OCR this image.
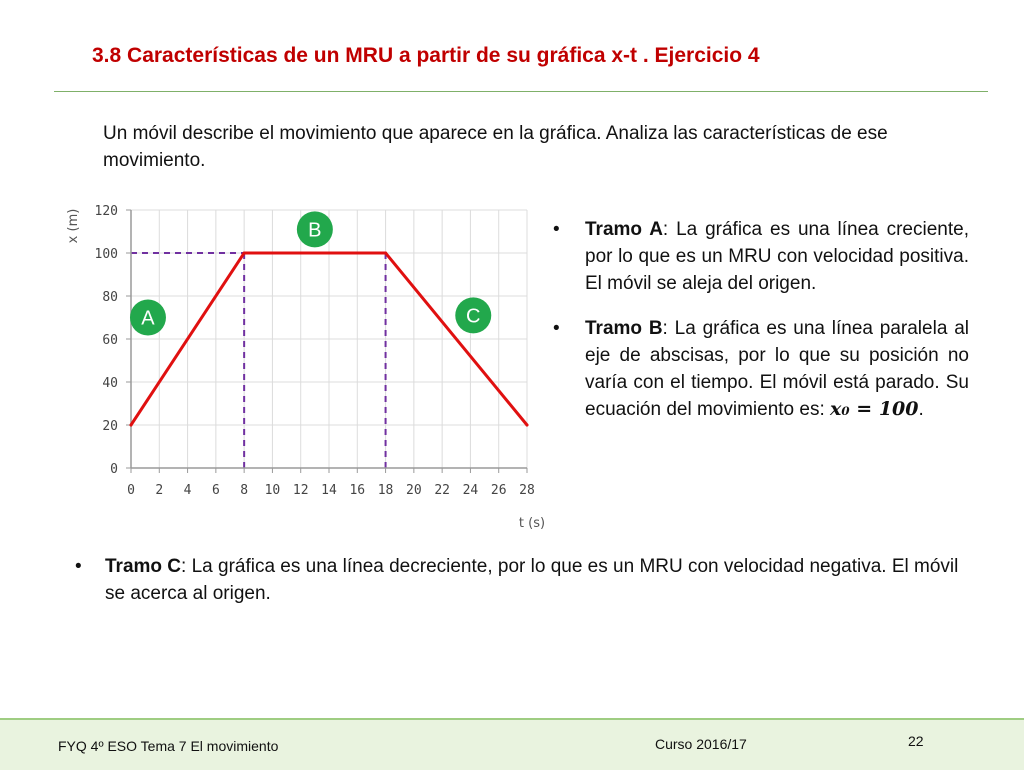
3.8 Características de un MRU a partir de su gráfica x-t . Ejercicio 4
Un móvil describe el movimiento que aparece en la gráfica. Analiza las características de ese movimiento.
0
20
40
60
80
100
120
0 2 4 6 8 10 12 14 16 18 20 22 24 26 28
A
B
C
x (m)
t (s)
• Tramo A: La gráfica es una línea creciente, por lo que es un MRU con velocidad positiva. El móvil se aleja del origen.
• Tramo B: La gráfica es una línea paralela al eje de abscisas, por lo que su posición no varía con el tiempo. El móvil está parado. Su ecuación del movimiento es: x₀ = 100.
• Tramo C: La gráfica es una línea decreciente, por lo que es un MRU con velocidad negativa. El móvil se acerca al origen.
FYQ 4º ESO Tema 7 El movimiento	Curso 2016/17	22
